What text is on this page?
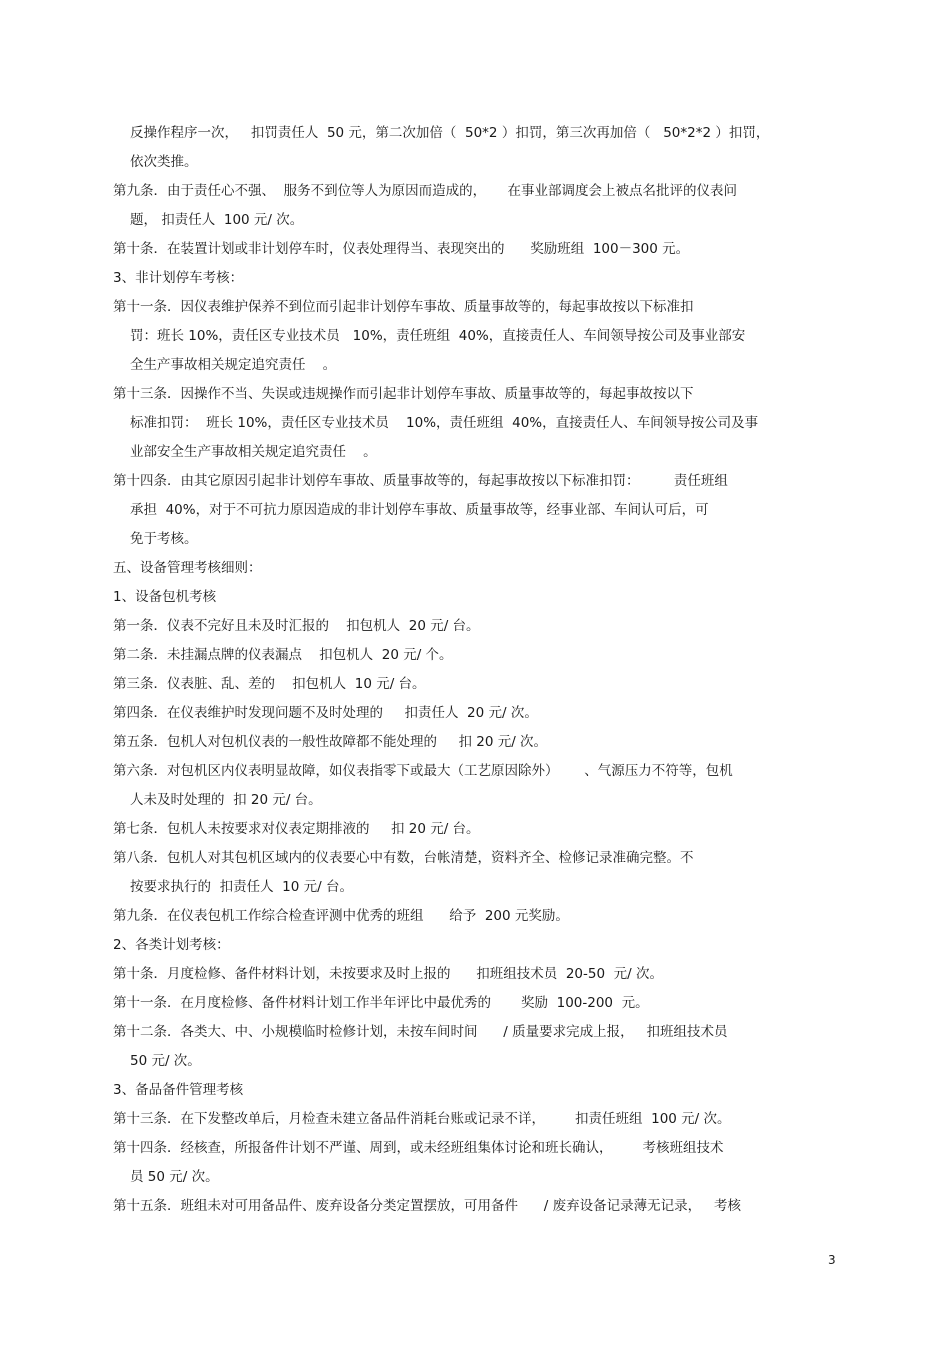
反操作程序一次，   扣罚责任人  50 元，第二次加倍（  50*2 ）扣罚，第三次再加倍（   50*2*2 ）扣罚，
依次类推。
第九条．由于责任心不强、  服务不到位等人为原因而造成的，     在事业部调度会上被点名批评的仪表问
题， 扣责任人  100 元/ 次。
第十条．在装置计划或非计划停车时，仪表处理得当、表现突出的      奖励班组  100－300 元。
3、非计划停车考核：
第十一条．因仪表维护保养不到位而引起非计划停车事故、质量事故等的，每起事故按以下标准扣
罚：班长 10%，责任区专业技术员   10%，责任班组  40%，直接责任人、车间领导按公司及事业部安
全生产事故相关规定追究责任    。
第十三条．因操作不当、失误或违规操作而引起非计划停车事故、质量事故等的，每起事故按以下
标准扣罚：  班长 10%，责任区专业技术员    10%，责任班组  40%，直接责任人、车间领导按公司及事
业部安全生产事故相关规定追究责任    。
第十四条．由其它原因引起非计划停车事故、质量事故等的，每起事故按以下标准扣罚：        责任班组
承担  40%，对于不可抗力原因造成的非计划停车事故、质量事故等，经事业部、车间认可后，可
免于考核。
五、设备管理考核细则：
1、设备包机考核
第一条．仪表不完好且未及时汇报的    扣包机人  20 元/ 台。
第二条．未挂漏点牌的仪表漏点    扣包机人  20 元/ 个。
第三条．仪表脏、乱、差的    扣包机人  10 元/ 台。
第四条．在仪表维护时发现问题不及时处理的     扣责任人  20 元/ 次。
第五条．包机人对包机仪表的一般性故障都不能处理的     扣 20 元/ 次。
第六条．对包机区内仪表明显故障，如仪表指零下或最大（工艺原因除外）      、气源压力不符等，包机
人未及时处理的  扣 20 元/ 台。
第七条．包机人未按要求对仪表定期排液的     扣 20 元/ 台。
第八条．包机人对其包机区域内的仪表要心中有数，台帐清楚，资料齐全、检修记录准确完整。不
按要求执行的  扣责任人  10 元/ 台。
第九条．在仪表包机工作综合检查评测中优秀的班组      给予  200 元奖励。
2、各类计划考核：
第十条．月度检修、备件材料计划，未按要求及时上报的      扣班组技术员  20-50  元/ 次。
第十一条．在月度检修、备件材料计划工作半年评比中最优秀的       奖励  100-200  元。
第十二条．各类大、中、小规模临时检修计划，未按车间时间      / 质量要求完成上报，   扣班组技术员
50 元/ 次。
3、备品备件管理考核
第十三条．在下发整改单后，月检查未建立备品件消耗台账或记录不详，       扣责任班组  100 元/ 次。
第十四条．经核查，所报备件计划不严谨、周到，或未经班组集体讨论和班长确认，       考核班组技术
员 50 元/ 次。
第十五条．班组未对可用备品件、废弃设备分类定置摆放，可用备件      / 废弃设备记录薄无记录，   考核
3
